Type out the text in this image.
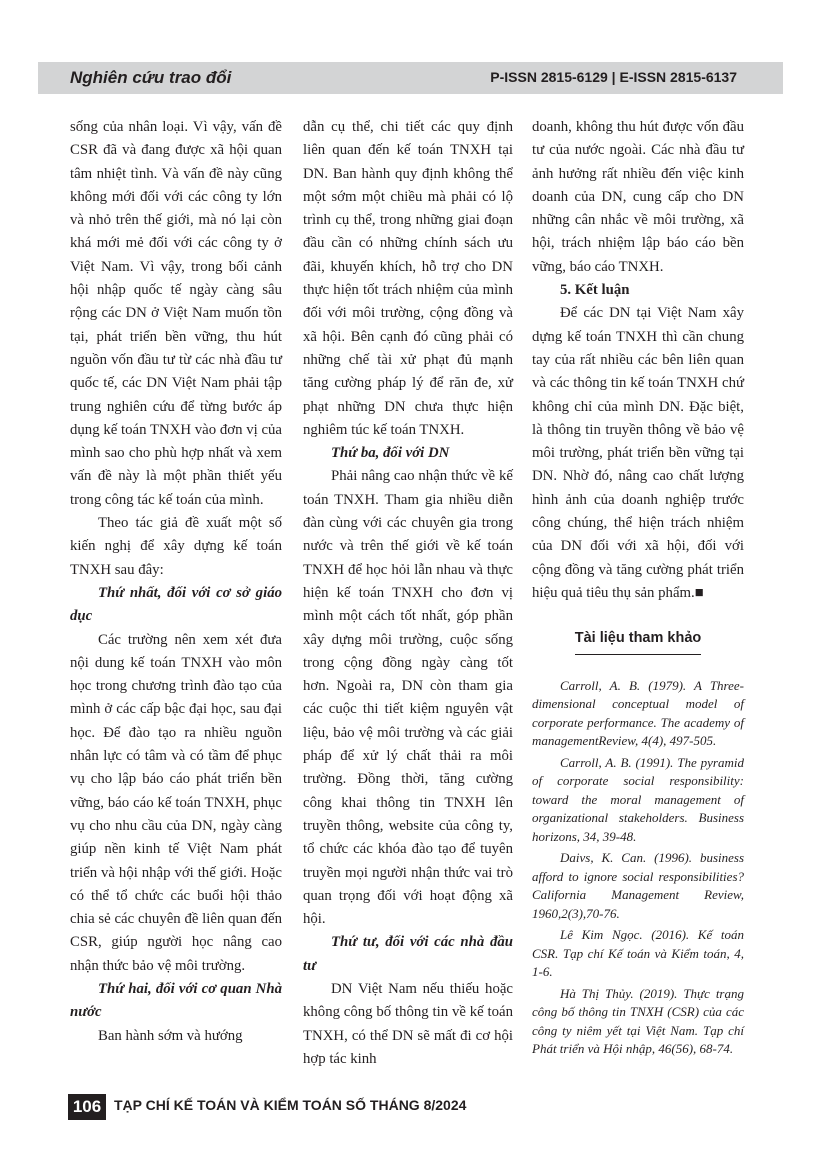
Nghiên cứu trao đổi	P-ISSN 2815-6129 | E-ISSN 2815-6137

sống của nhân loại. Vì vậy, vấn đề CSR đã và đang được xã hội quan tâm nhiệt tình. Và vấn đề này cũng không mới đối với các công ty lớn và nhỏ trên thế giới, mà nó lại còn khá mới mẻ đối với các công ty ở Việt Nam. Vì vậy, trong bối cảnh hội nhập quốc tế ngày càng sâu rộng các DN ở Việt Nam muốn tồn tại, phát triển bền vững, thu hút nguồn vốn đầu tư từ các nhà đầu tư quốc tế, các DN Việt Nam phải tập trung nghiên cứu để từng bước áp dụng kế toán TNXH vào đơn vị của mình sao cho phù hợp nhất và xem vấn đề này là một phần thiết yếu trong công tác kế toán của mình.

Theo tác giả đề xuất một số kiến nghị để xây dựng kế toán TNXH sau đây:

Thứ nhất, đối với cơ sở giáo dục

Các trường nên xem xét đưa nội dung kế toán TNXH vào môn học trong chương trình đào tạo của mình ở các cấp bậc đại học, sau đại học. Để đào tạo ra nhiều nguồn nhân lực có tâm và có tầm để phục vụ cho lập báo cáo phát triển bền vững, báo cáo kế toán TNXH, phục vụ cho nhu cầu của DN, ngày càng giúp nền kinh tế Việt Nam phát triển và hội nhập với thế giới. Hoặc có thể tổ chức các buổi hội thảo chia sẻ các chuyên đề liên quan đến CSR, giúp người học nâng cao nhận thức bảo vệ môi trường.

Thứ hai, đối với cơ quan Nhà nước

Ban hành sớm và hướng

dẫn cụ thể, chi tiết các quy định liên quan đến kế toán TNXH tại DN. Ban hành quy định không thể một sớm một chiều mà phải có lộ trình cụ thể, trong những giai đoạn đầu cần có những chính sách ưu đãi, khuyến khích, hỗ trợ cho DN thực hiện tốt trách nhiệm của mình đối với môi trường, cộng đồng và xã hội. Bên cạnh đó cũng phải có những chế tài xử phạt đủ mạnh tăng cường pháp lý để răn đe, xử phạt những DN chưa thực hiện nghiêm túc kế toán TNXH.

Thứ ba, đối với DN

Phải nâng cao nhận thức về kế toán TNXH. Tham gia nhiều diễn đàn cùng với các chuyên gia trong nước và trên thế giới về kế toán TNXH để học hỏi lẫn nhau và thực hiện kế toán TNXH cho đơn vị mình một cách tốt nhất, góp phần xây dựng môi trường, cuộc sống trong cộng đồng ngày càng tốt hơn. Ngoài ra, DN còn tham gia các cuộc thi tiết kiệm nguyên vật liệu, bảo vệ môi trường và các giải pháp để xử lý chất thải ra môi trường. Đồng thời, tăng cường công khai thông tin TNXH lên truyền thông, website của công ty, tổ chức các khóa đào tạo để tuyên truyền mọi người nhận thức vai trò quan trọng đối với hoạt động xã hội.

Thứ tư, đối với các nhà đầu tư

DN Việt Nam nếu thiếu hoặc không công bố thông tin về kế toán TNXH, có thể DN sẽ mất đi cơ hội hợp tác kinh

doanh, không thu hút được vốn đầu tư của nước ngoài. Các nhà đầu tư ảnh hưởng rất nhiều đến việc kinh doanh của DN, cung cấp cho DN những cân nhắc về môi trường, xã hội, trách nhiệm lập báo cáo bền vững, báo cáo TNXH.

5. Kết luận

Để các DN tại Việt Nam xây dựng kế toán TNXH thì cần chung tay của rất nhiều các bên liên quan và các thông tin kế toán TNXH chứ không chỉ của mình DN. Đặc biệt, là thông tin truyền thông về bảo vệ môi trường, phát triển bền vững tại DN. Nhờ đó, nâng cao chất lượng hình ảnh của doanh nghiệp trước công chúng, thể hiện trách nhiệm của DN đối với xã hội, đối với cộng đồng và tăng cường phát triển hiệu quả tiêu thụ sản phẩm.■

Tài liệu tham khảo

Carroll, A. B. (1979). A Three-dimensional conceptual model of corporate performance. The academy of managementReview, 4(4), 497-505.

Carroll, A. B. (1991). The pyramid of corporate social responsibility: toward the moral management of organizational stakeholders. Business horizons, 34, 39-48.

Daivs, K. Can. (1996). business afford to ignore social responsibilities? California Management Review, 1960,2(3),70-76.

Lê Kim Ngọc. (2016). Kế toán CSR. Tạp chí Kế toán và Kiểm toán, 4, 1-6.

Hà Thị Thủy. (2019). Thực trạng công bố thông tin TNXH (CSR) của các công ty niêm yết tại Việt Nam. Tạp chí Phát triển và Hội nhập, 46(56), 68-74.

106 TẠP CHÍ KẾ TOÁN VÀ KIỂM TOÁN SỐ THÁNG 8/2024
